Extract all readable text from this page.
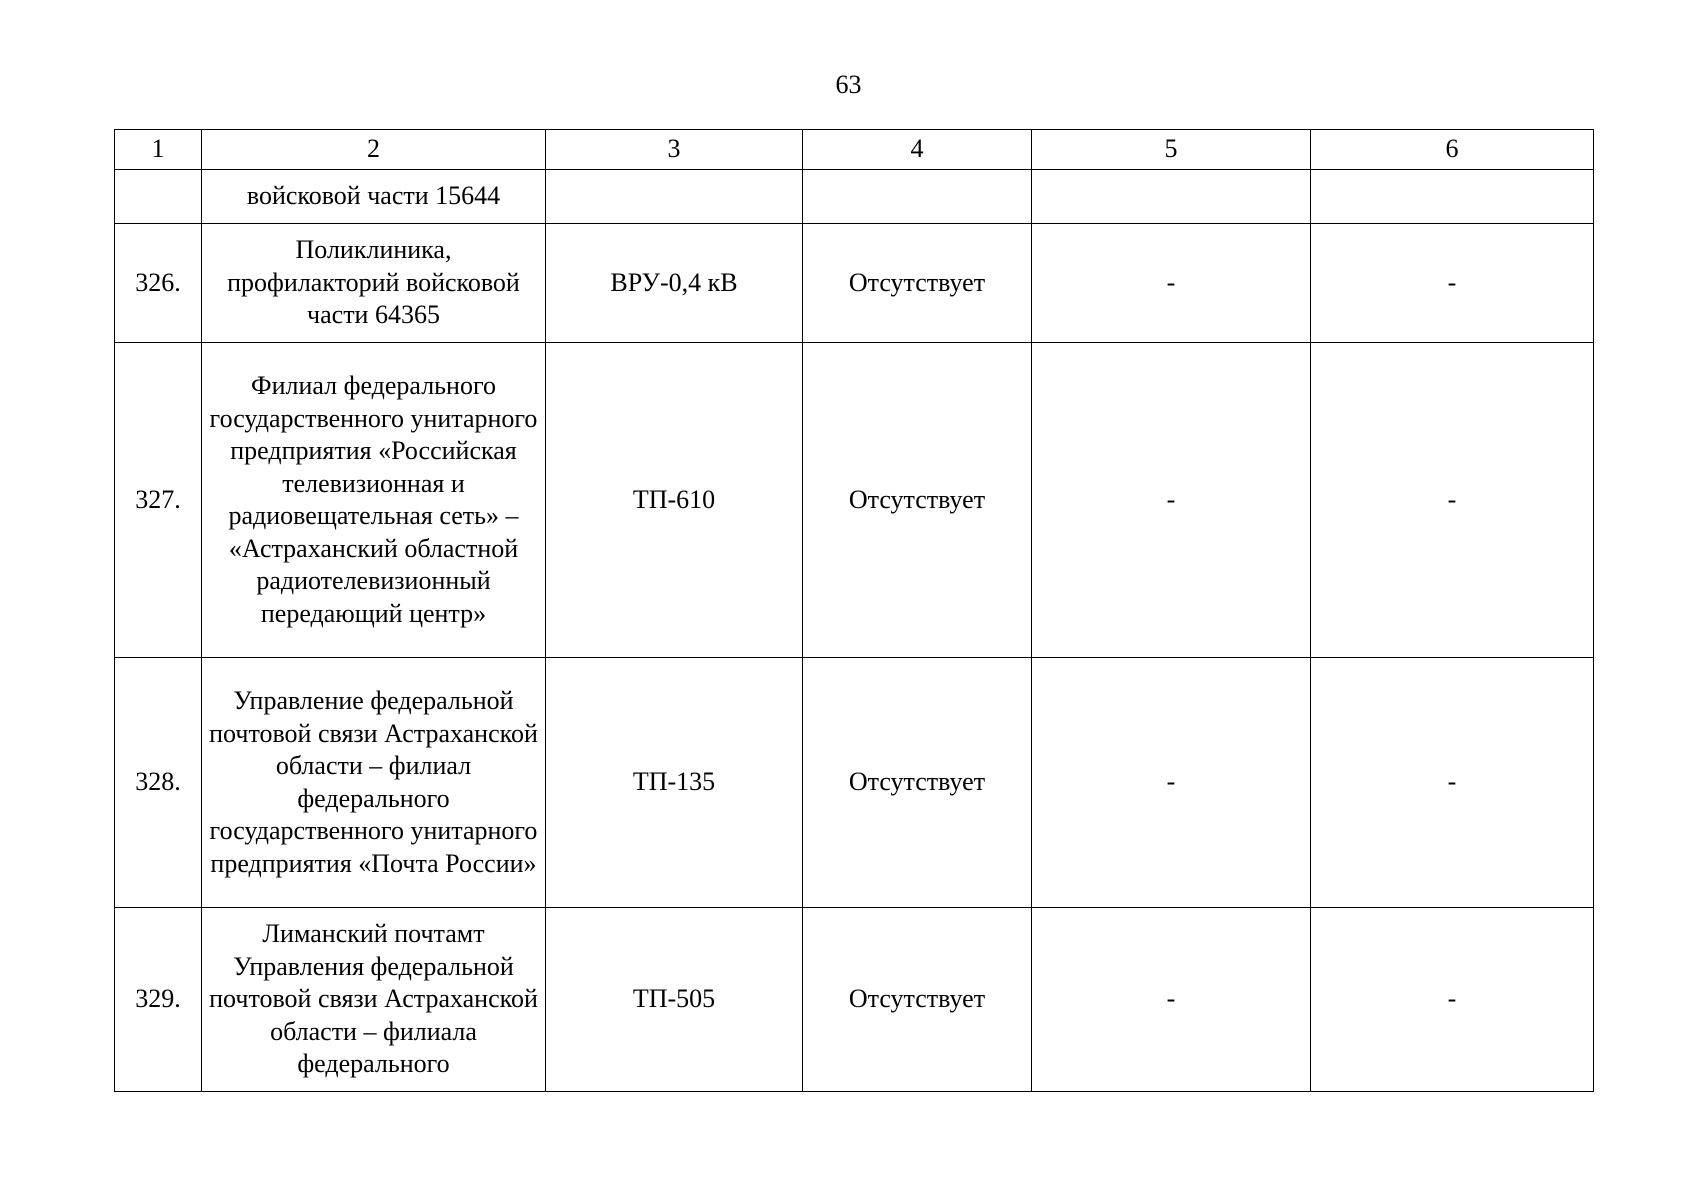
63
1	2	3	4	5	6
	войсковой части 15644				
326.	Поликлиника, профилакторий войсковой части 64365	ВРУ-0,4 кВ	Отсутствует	-	-
327.	Филиал федерального государственного унитарного предприятия «Российская телевизионная и радиовещательная сеть» – «Астраханский областной радиотелевизионный передающий центр»	ТП-610	Отсутствует	-	-
328.	Управление федеральной почтовой связи Астраханской области – филиал федерального государственного унитарного предприятия «Почта России»	ТП-135	Отсутствует	-	-
329.	Лиманский почтамт Управления федеральной почтовой связи Астраханской области – филиала федерального	ТП-505	Отсутствует	-	-
